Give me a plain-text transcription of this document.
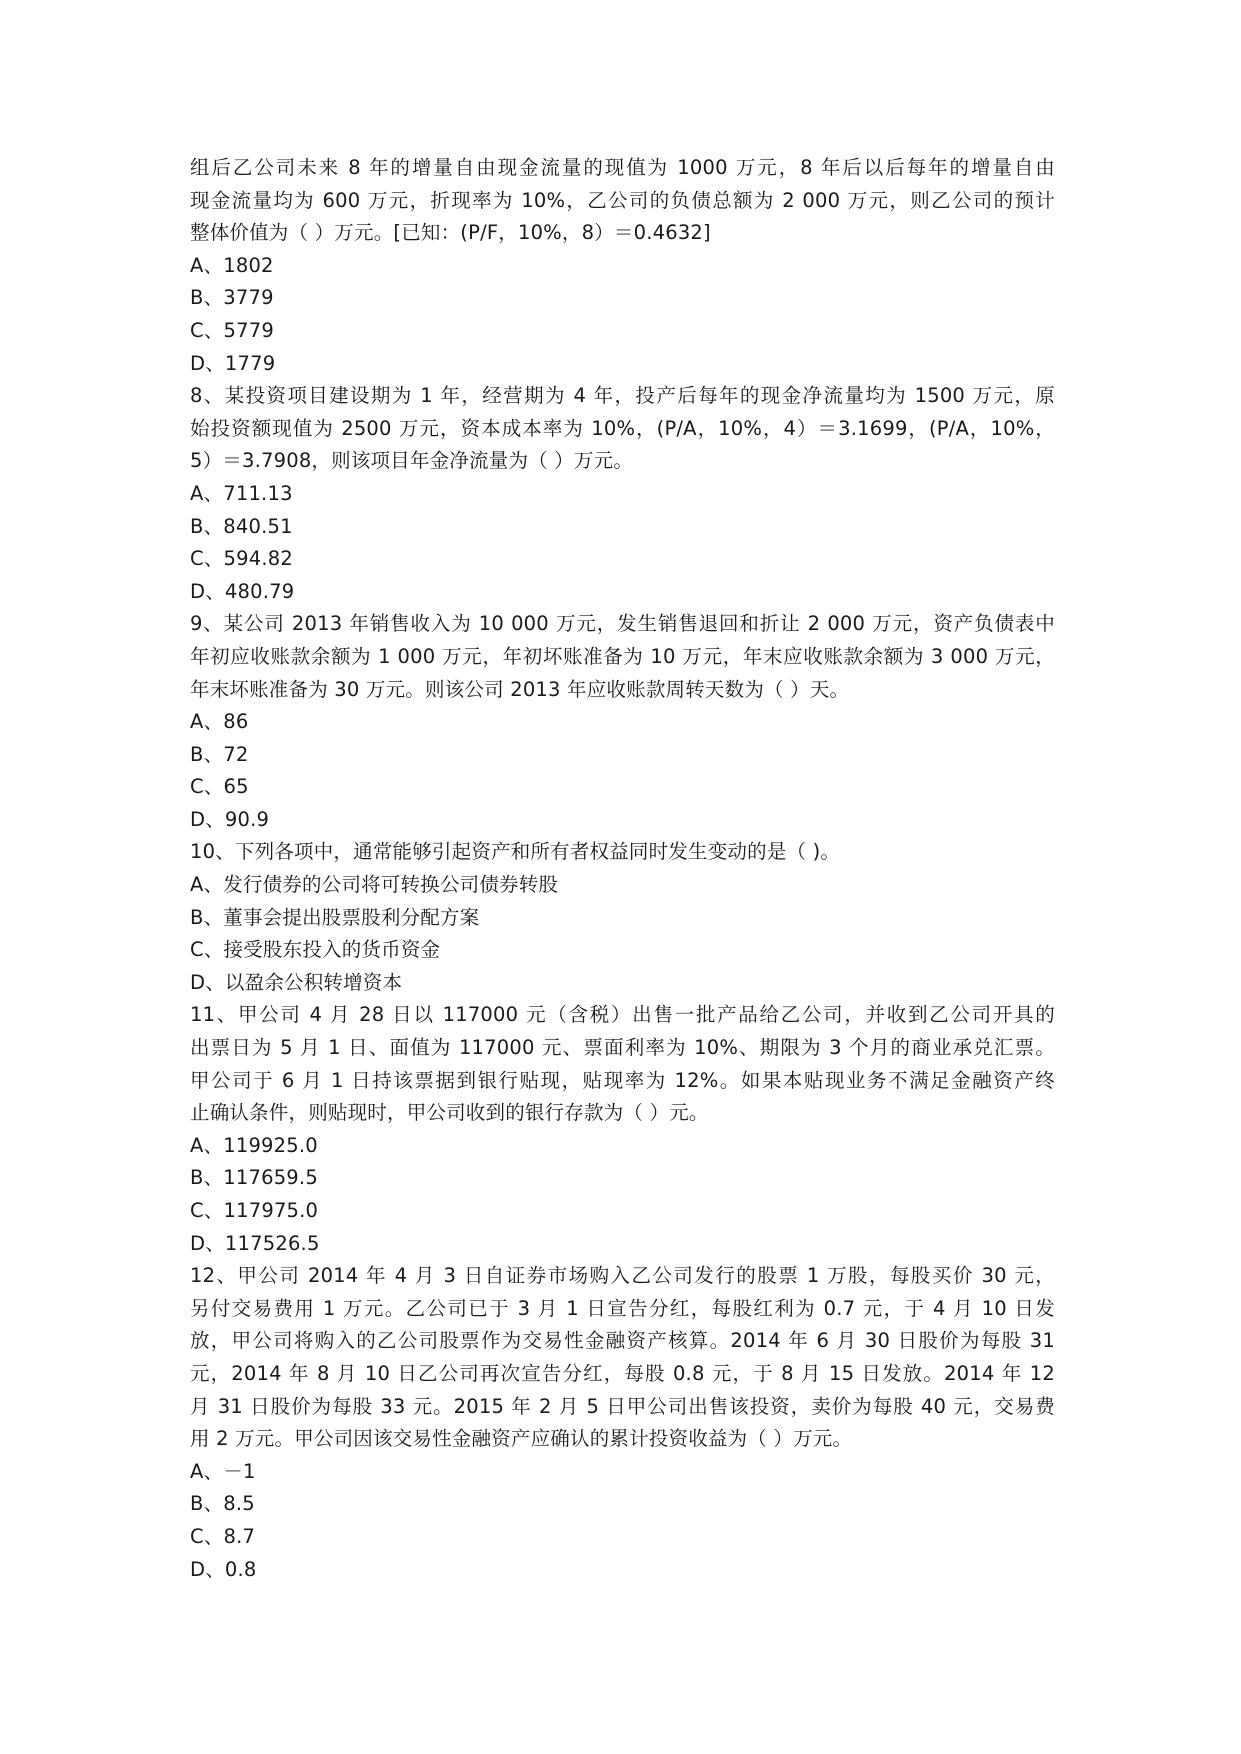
组后乙公司未来 8 年的增量自由现金流量的现值为 1000 万元，8 年后以后每年的增量自由
现金流量均为 600 万元，折现率为 10%，乙公司的负债总额为 2 000 万元，则乙公司的预计
整体价值为（ ）万元。[已知：(P/F，10%，8）＝0.4632]
A、1802
B、3779
C、5779
D、1779
8、某投资项目建设期为 1 年，经营期为 4 年，投产后每年的现金净流量均为 1500 万元，原
始投资额现值为 2500 万元，资本成本率为 10%，(P/A，10%，4）＝3.1699，(P/A，10%，
5）＝3.7908，则该项目年金净流量为（ ）万元。
A、711.13
B、840.51
C、594.82
D、480.79
9、某公司 2013 年销售收入为 10 000 万元，发生销售退回和折让 2 000 万元，资产负债表中
年初应收账款余额为 1 000 万元，年初坏账准备为 10 万元，年末应收账款余额为 3 000 万元，
年末坏账准备为 30 万元。则该公司 2013 年应收账款周转天数为（ ）天。
A、86
B、72
C、65
D、90.9
10、下列各项中，通常能够引起资产和所有者权益同时发生变动的是（ )。
A、发行债券的公司将可转换公司债券转股
B、董事会提出股票股利分配方案
C、接受股东投入的货币资金
D、以盈余公积转增资本
11、甲公司 4 月 28 日以 117000 元（含税）出售一批产品给乙公司，并收到乙公司开具的
出票日为 5 月 1 日、面值为 117000 元、票面利率为 10%、期限为 3 个月的商业承兑汇票。
甲公司于 6 月 1 日持该票据到银行贴现，贴现率为 12%。如果本贴现业务不满足金融资产终
止确认条件，则贴现时，甲公司收到的银行存款为（ ）元。
A、119925.0
B、117659.5
C、117975.0
D、117526.5
12、甲公司 2014 年 4 月 3 日自证券市场购入乙公司发行的股票 1 万股，每股买价 30 元，
另付交易费用 1 万元。乙公司已于 3 月 1 日宣告分红，每股红利为 0.7 元，于 4 月 10 日发
放，甲公司将购入的乙公司股票作为交易性金融资产核算。2014 年 6 月 30 日股价为每股 31
元，2014 年 8 月 10 日乙公司再次宣告分红，每股 0.8 元，于 8 月 15 日发放。2014 年 12
月 31 日股价为每股 33 元。2015 年 2 月 5 日甲公司出售该投资，卖价为每股 40 元，交易费
用 2 万元。甲公司因该交易性金融资产应确认的累计投资收益为（ ）万元。
A、－1
B、8.5
C、8.7
D、0.8
